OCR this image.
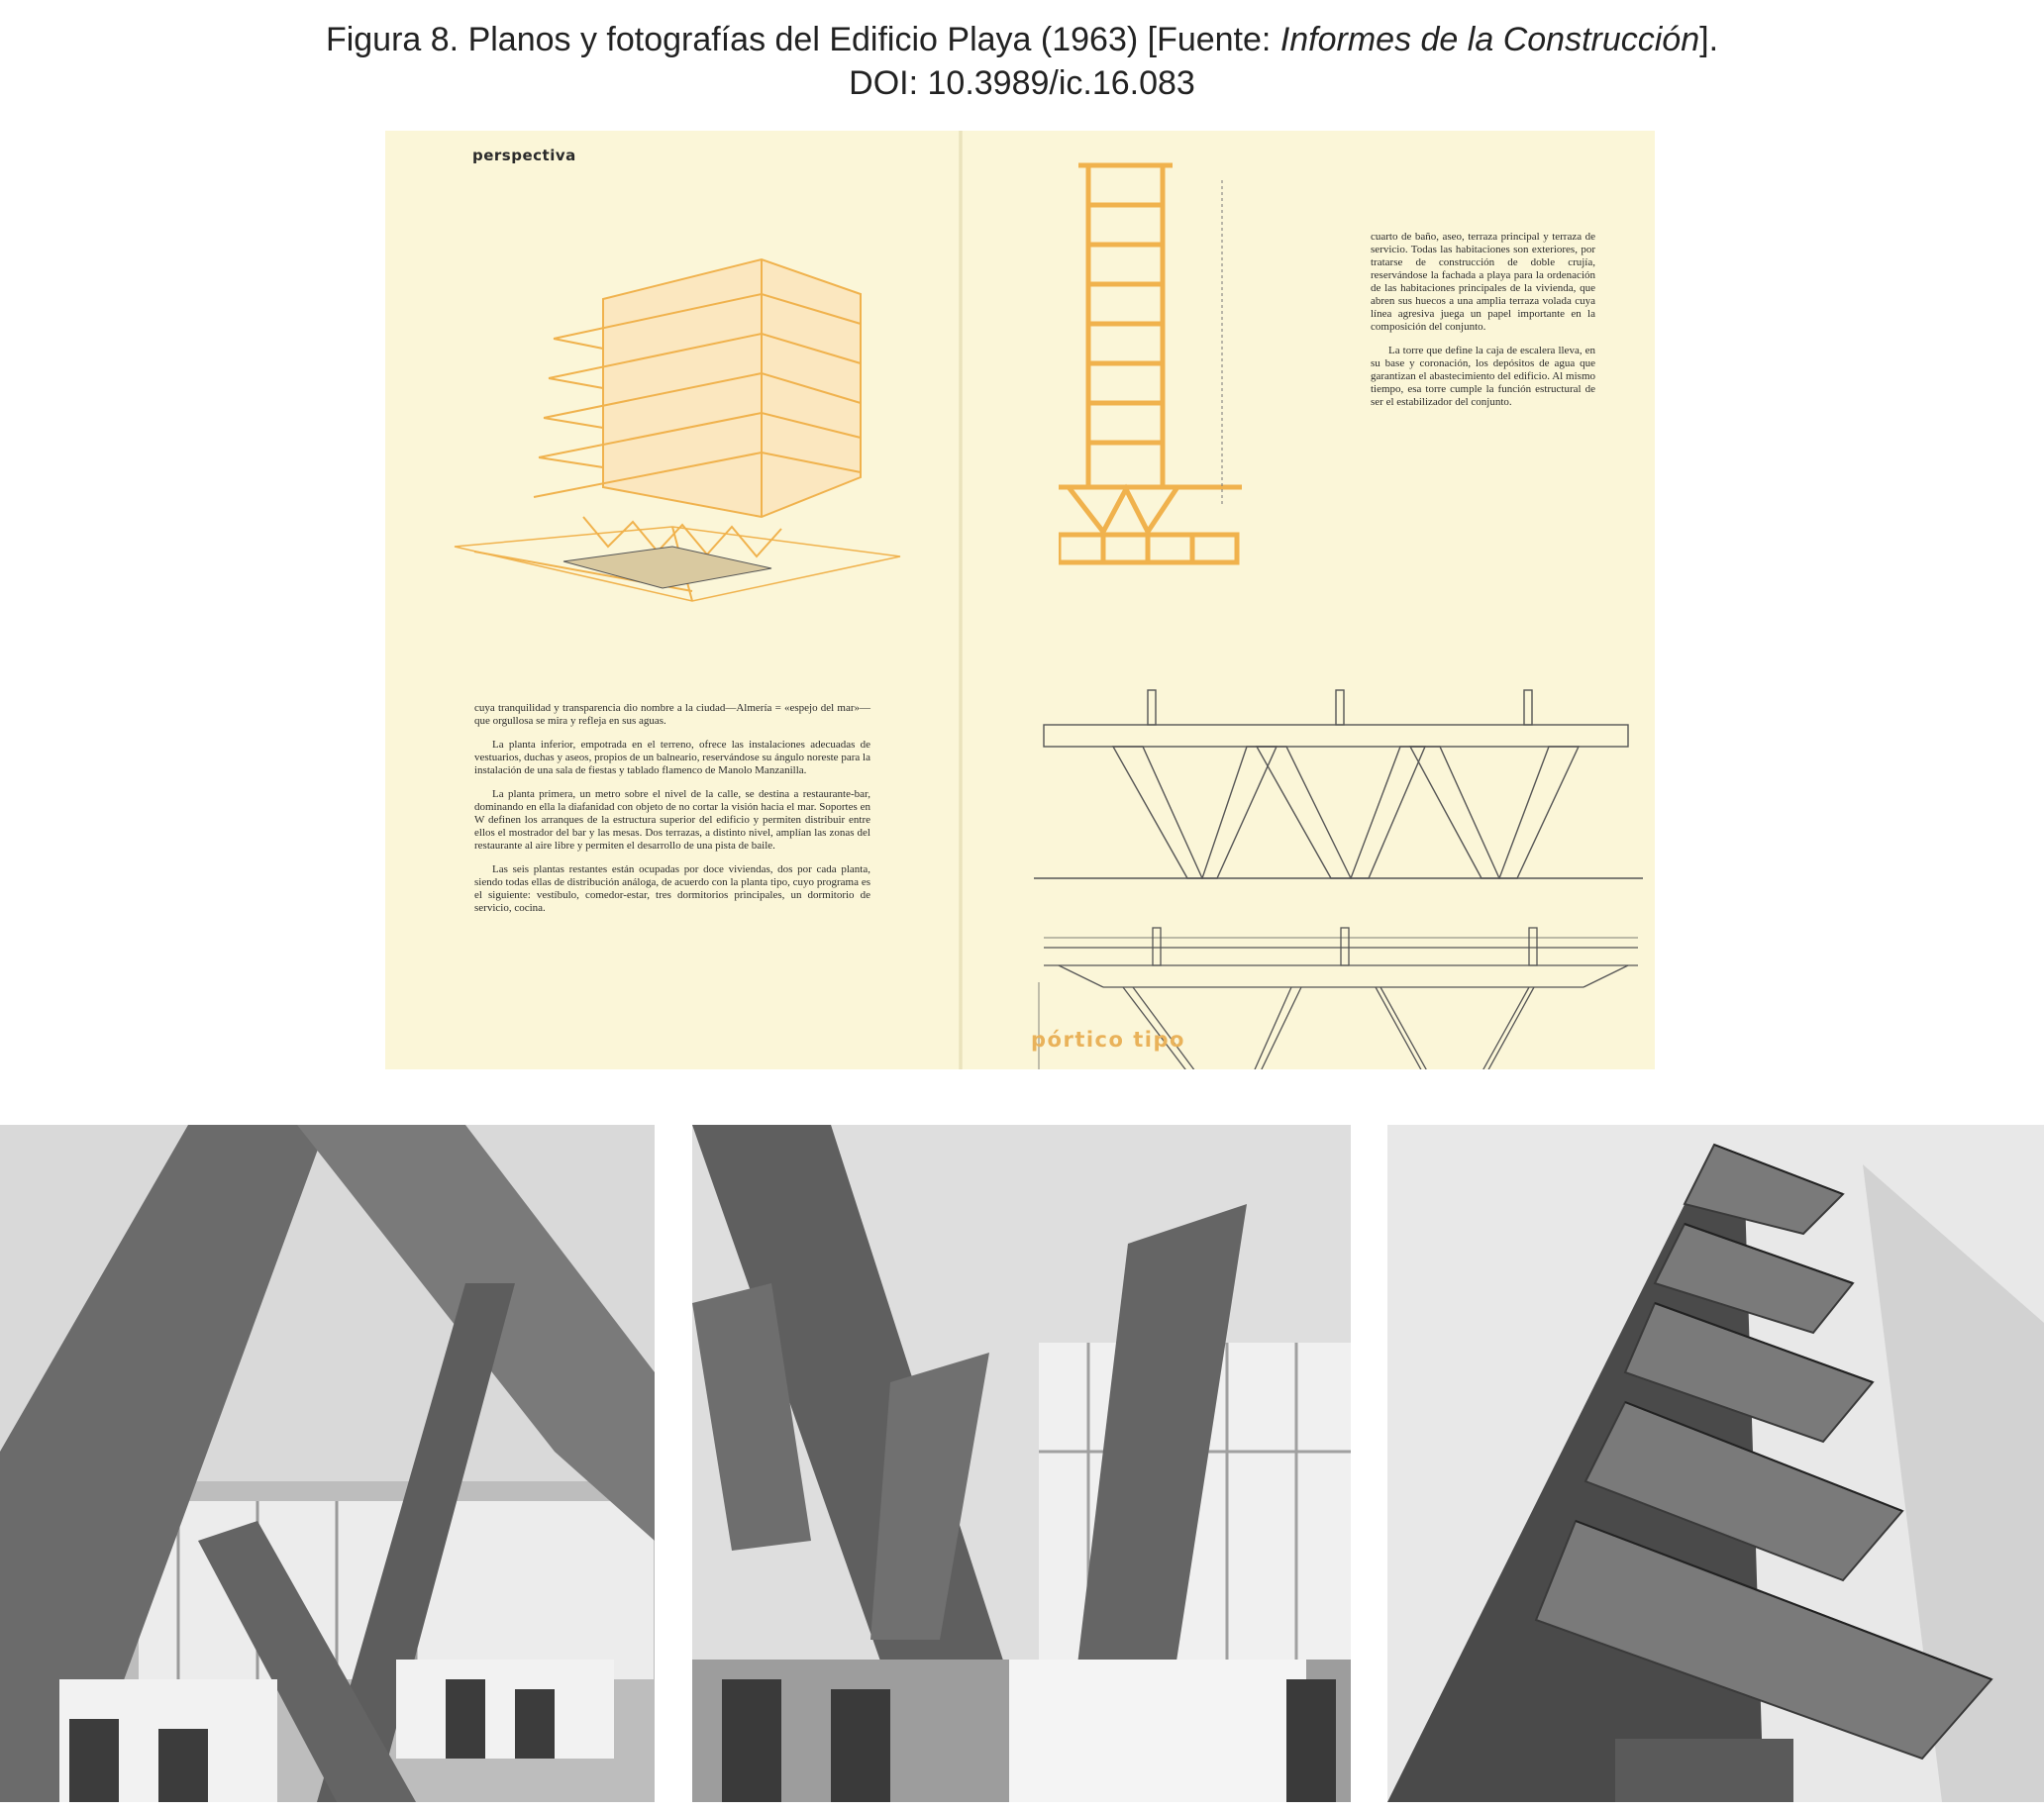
Figura 8. Planos y fotografías del Edificio Playa (1963) [Fuente: Informes de la Construcción].
DOI: 10.3989/ic.16.083
perspectiva
pórtico tipo

cuya tranquilidad y transparencia dio nombre a la ciudad—Almería = «espejo del mar»—que orgullosa se mira y refleja en sus aguas.

La planta inferior, empotrada en el terreno, ofrece las instalaciones adecuadas de vestuarios, duchas y aseos, propios de un balneario, reservándose su ángulo noreste para la instalación de una sala de fiestas y tablado flamenco de Manolo Manzanilla.

La planta primera, un metro sobre el nivel de la calle, se destina a restaurante-bar, dominando en ella la diafanidad con objeto de no cortar la visión hacia el mar. Soportes en W definen los arranques de la estructura superior del edificio y permiten distribuir entre ellos el mostrador del bar y las mesas. Dos terrazas, a distinto nivel, amplían las zonas del restaurante al aire libre y permiten el desarrollo de una pista de baile.

Las seis plantas restantes están ocupadas por doce viviendas, dos por cada planta, siendo todas ellas de distribución análoga, de acuerdo con la planta tipo, cuyo programa es el siguiente: vestíbulo, comedor-estar, tres dormitorios principales, un dormitorio de servicio, cocina.

cuarto de baño, aseo, terraza principal y terraza de servicio. Todas las habitaciones son exteriores, por tratarse de construcción de doble crujía, reservándose la fachada a playa para la ordenación de las habitaciones principales de la vivienda, que abren sus huecos a una amplia terraza volada cuya línea agresiva juega un papel importante en la composición del conjunto.

La torre que define la caja de escalera lleva, en su base y coronación, los depósitos de agua que garantizan el abastecimiento del edificio. Al mismo tiempo, esa torre cumple la función estructural de ser el estabilizador del conjunto.
